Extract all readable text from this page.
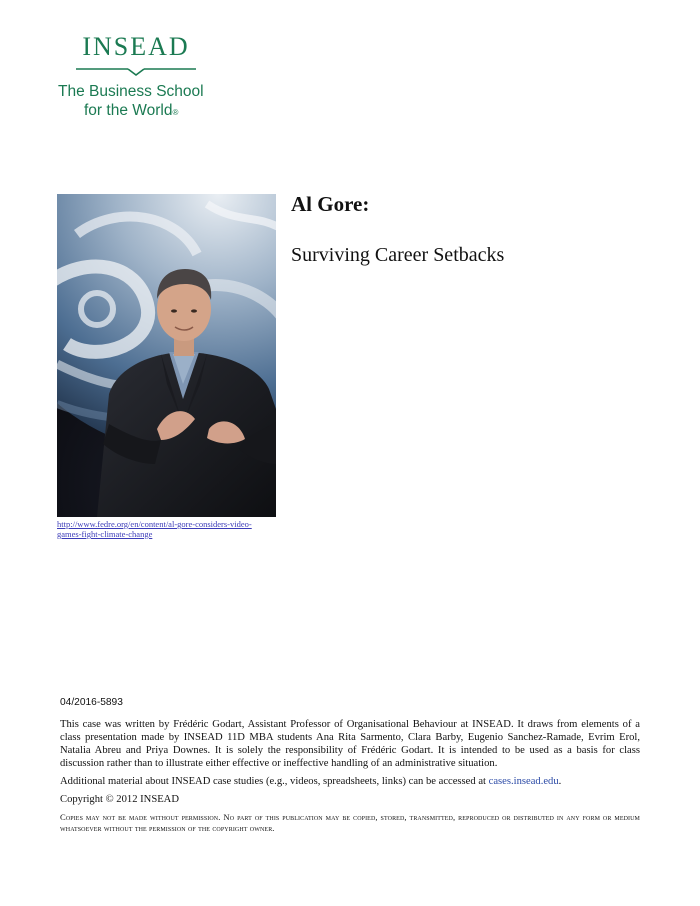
INSEAD
The Business School
for the World®
http://www.fedre.org/en/content/al-gore-considers-video-games-fight-climate-change
Al Gore:
Surviving Career Setbacks

04/2016-5893

This case was written by Frédéric Godart, Assistant Professor of Organisational Behaviour at INSEAD. It draws from elements of a class presentation made by INSEAD 11D MBA students Ana Rita Sarmento, Clara Barby, Eugenio Sanchez-Ramade, Evrim Erol, Natalia Abreu and Priya Downes. It is solely the responsibility of Frédéric Godart. It is intended to be used as a basis for class discussion rather than to illustrate either effective or ineffective handling of an administrative situation.

Additional material about INSEAD case studies (e.g., videos, spreadsheets, links) can be accessed at cases.insead.edu.

Copyright © 2012 INSEAD

Copies may not be made without permission. No part of this publication may be copied, stored, transmitted, reproduced or distributed in any form or medium whatsoever without the permission of the copyright owner.
